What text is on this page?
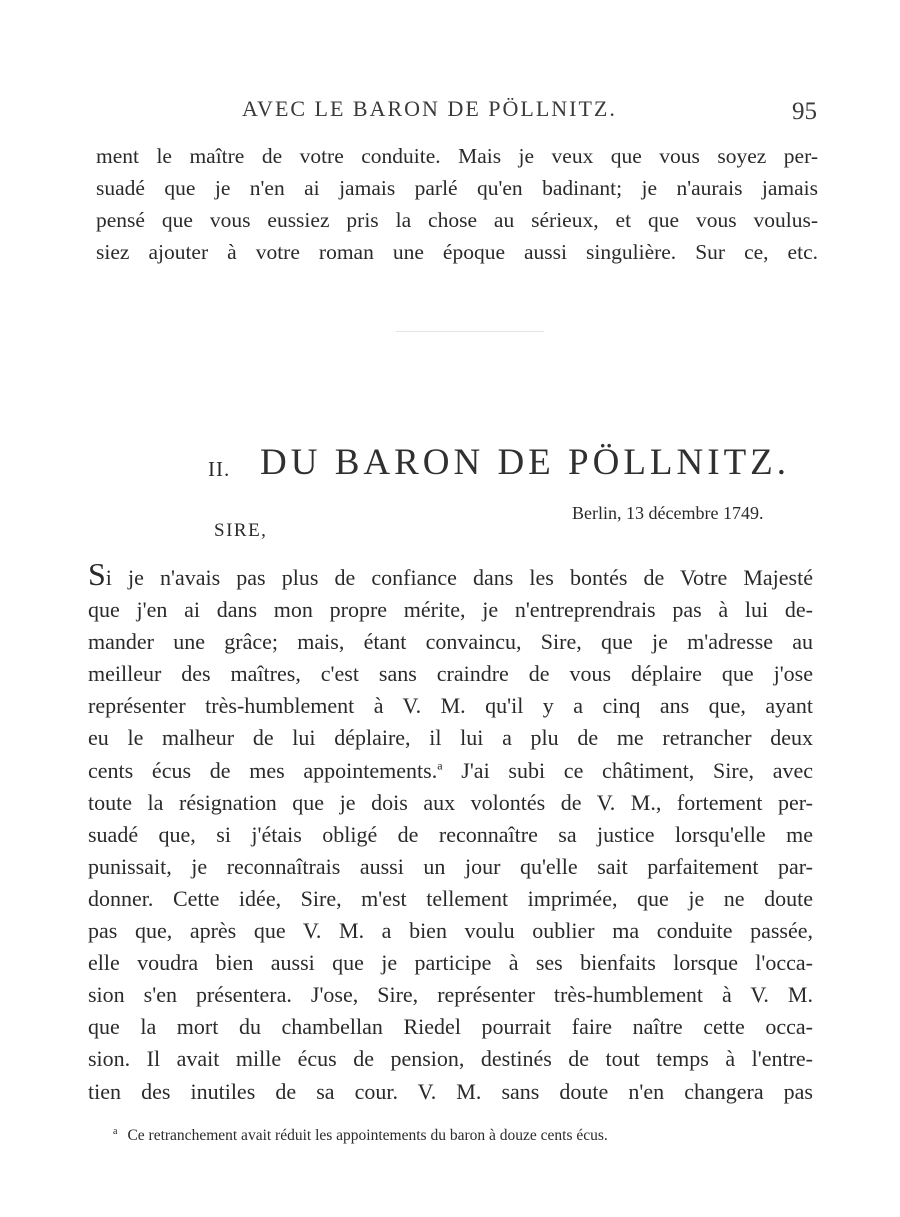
AVEC LE BARON DE PÖLLNITZ.	95
ment le maître de votre conduite. Mais je veux que vous soyez per-
suadé que je n'en ai jamais parlé qu'en badinant; je n'aurais jamais
pensé que vous eussiez pris la chose au sérieux, et que vous voulus-
siez ajouter à votre roman une époque aussi singulière. Sur ce, etc.
II. DU BARON DE PÖLLNITZ.
Berlin, 13 décembre 1749.
SIRE,
Si je n'avais pas plus de confiance dans les bontés de Votre Majesté
que j'en ai dans mon propre mérite, je n'entreprendrais pas à lui de-
mander une grâce; mais, étant convaincu, Sire, que je m'adresse au
meilleur des maîtres, c'est sans craindre de vous déplaire que j'ose
représenter très-humblement à V. M. qu'il y a cinq ans que, ayant
eu le malheur de lui déplaire, il lui a plu de me retrancher deux
cents écus de mes appointements.$^a$ J'ai subi ce châtiment, Sire, avec
toute la résignation que je dois aux volontés de V. M., fortement per-
suadé que, si j'étais obligé de reconnaître sa justice lorsqu'elle me
punissait, je reconnaîtrais aussi un jour qu'elle sait parfaitement par-
donner. Cette idée, Sire, m'est tellement imprimée, que je ne doute
pas que, après que V. M. a bien voulu oublier ma conduite passée,
elle voudra bien aussi que je participe à ses bienfaits lorsque l'occa-
sion s'en présentera. J'ose, Sire, représenter très-humblement à V. M.
que la mort du chambellan Riedel pourrait faire naître cette occa-
sion. Il avait mille écus de pension, destinés de tout temps à l'entre-
tien des inutiles de sa cour. V. M. sans doute n'en changera pas
$^a$ Ce retranchement avait réduit les appointements du baron à douze cents écus.
